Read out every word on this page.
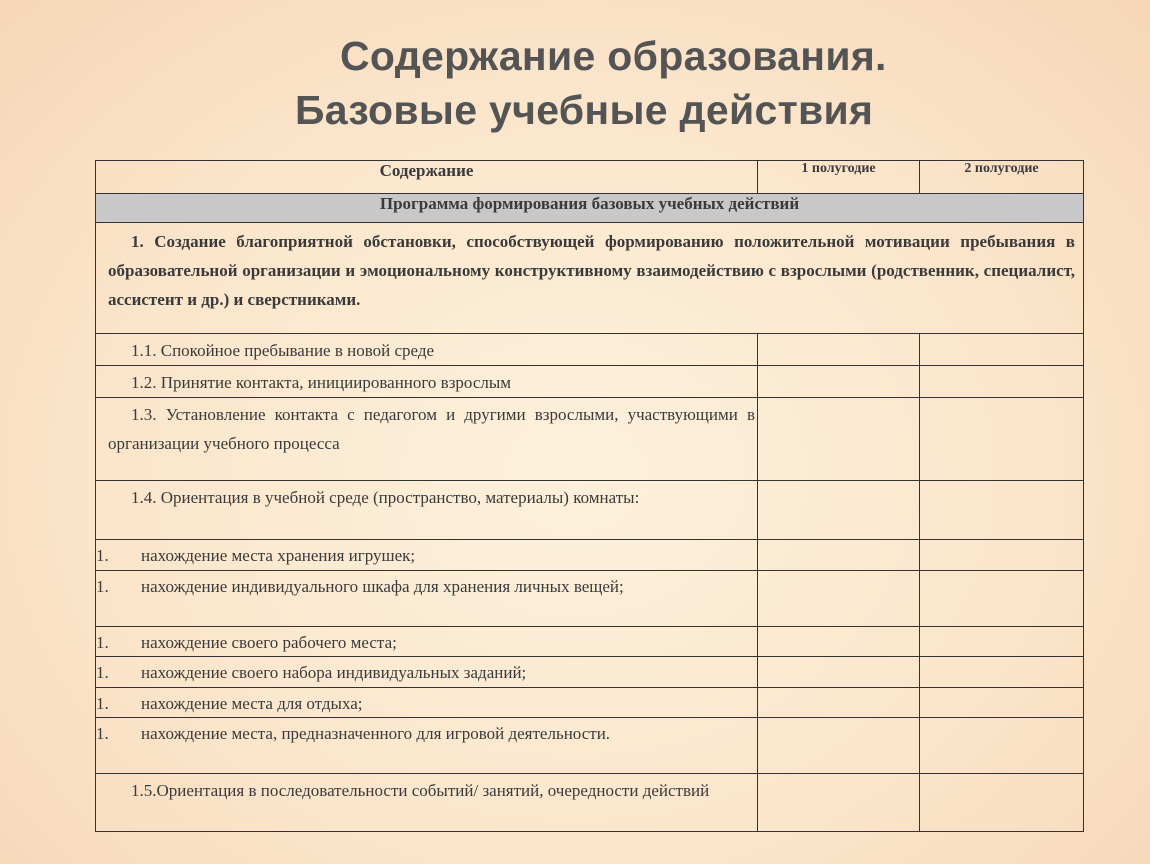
Содержание образования.
Базовые учебные действия
Содержание	1 полугодие	2 полугодие
Программа формирования базовых учебных действий		

1. Создание благоприятной обстановки, способствующей формированию положительной мотивации пребывания в образовательной организации и эмоциональному конструктивному взаимодействию с взрослыми (родственник, специалист, ассистент и др.) и сверстниками.		

1.1. Спокойное пребывание в новой среде		

1.2. Принятие контакта, инициированного взрослым		

1.3. Установление контакта с педагогом и другими взрослыми, участвующими в организации учебного процесса		

1.4. Ориентация в учебной среде (пространство, материалы) комнаты:		

1. нахождение места хранения игрушек;		

1. нахождение индивидуального шкафа для хранения личных вещей;		

1. нахождение своего рабочего места;		

1. нахождение своего набора индивидуальных заданий;		

1. нахождение места для отдыха;		

1. нахождение места, предназначенного для игровой деятельности.		

1.5.Ориентация в последовательности событий/ занятий, очередности действий		
